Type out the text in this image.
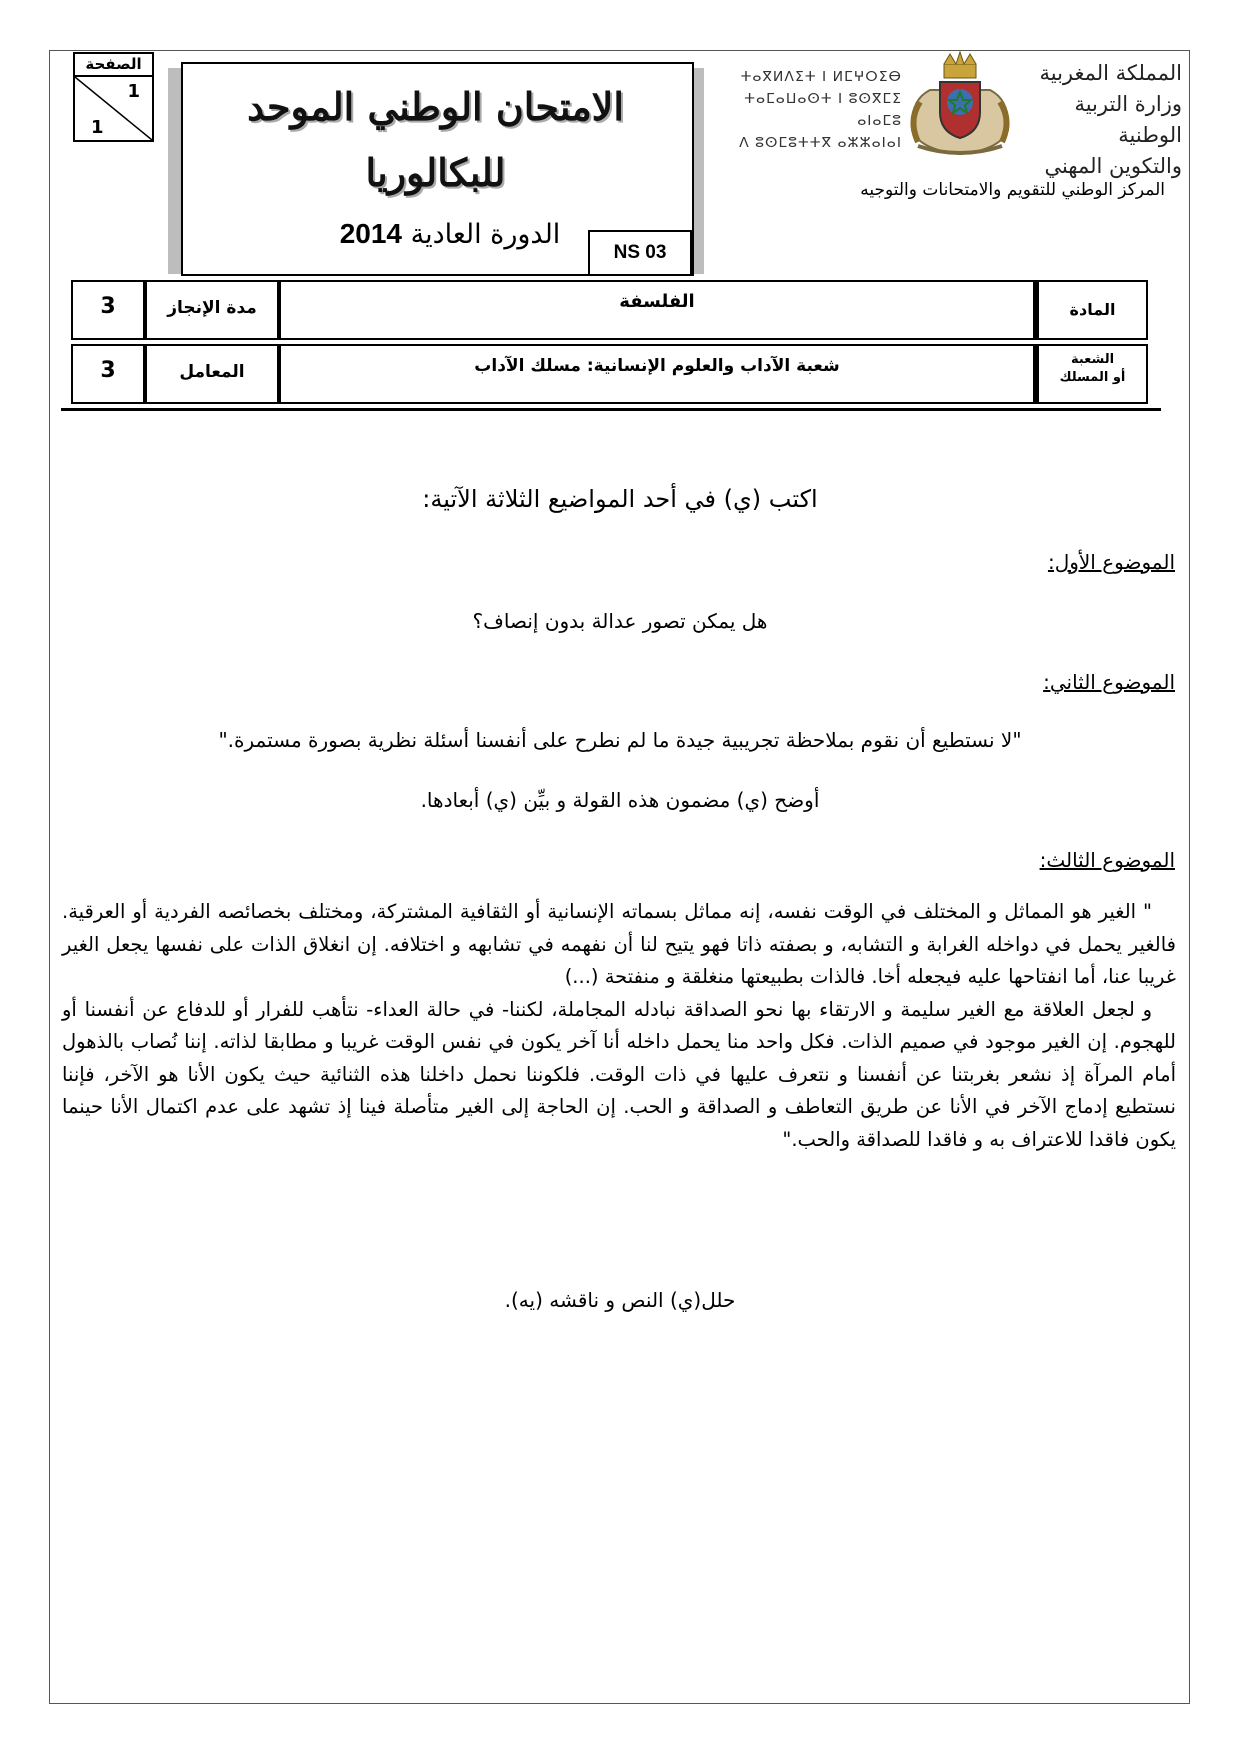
الصفحة
1
1	الامتحان الوطني الموحد
للبكالوريا
الدورة العادية 2014
NS 03
ⵜⴰⴳⵍⴷⵉⵜ ⵏ ⵍⵎⵖⵔⵉⴱ
ⵜⴰⵎⴰⵡⴰⵙⵜ ⵏ ⵓⵙⴳⵎⵉ ⴰⵏⴰⵎⵓ
ⴷ ⵓⵙⵎⵓⵜⵜⴳ ⴰⵣⵣⴰⵏⴰⵏ
المملكة المغربية
وزارة التربية الوطنية
والتكوين المهني
المركز الوطني للتقويم والامتحانات والتوجيه
3	مدة الإنجاز	الفلسفة	المادة
3	المعامل	شعبة الآداب والعلوم الإنسانية: مسلك الآداب	الشعبة
أو المسلك
اكتب (ي) في أحد المواضيع الثلاثة الآتية:
الموضوع الأول:
هل يمكن تصور عدالة بدون إنصاف؟
الموضوع الثاني:
"لا نستطيع أن نقوم بملاحظة تجريبية جيدة ما لم نطرح على أنفسنا أسئلة نظرية بصورة مستمرة."
أوضح (ي) مضمون هذه القولة و بيِّن (ي) أبعادها.
الموضوع الثالث:

" الغير هو المماثل و المختلف في الوقت نفسه، إنه مماثل بسماته الإنسانية أو الثقافية المشتركة، ومختلف بخصائصه الفردية أو العرقية. فالغير يحمل في دواخله الغرابة و التشابه، و بصفته ذاتا فهو يتيح لنا أن نفهمه في تشابهه و اختلافه. إن انغلاق الذات على نفسها يجعل الغير غريبا عنا، أما انفتاحها عليه فيجعله أخا. فالذات بطبيعتها منغلقة و منفتحة (...)

و لجعل العلاقة مع الغير سليمة و الارتقاء بها نحو الصداقة نبادله المجاملة، لكننا- في حالة العداء- نتأهب للفرار أو للدفاع عن أنفسنا أو للهجوم. إن الغير موجود في صميم الذات. فكل واحد منا يحمل داخله أنا آخر يكون في نفس الوقت غريبا و مطابقا لذاته. إننا نُصاب بالذهول أمام المرآة إذ نشعر بغربتنا عن أنفسنا و نتعرف عليها في ذات الوقت. فلكوننا نحمل داخلنا هذه الثنائية حيث يكون الأنا هو الآخر، فإننا نستطيع إدماج الآخر في الأنا عن طريق التعاطف و الصداقة و الحب. إن الحاجة إلى الغير متأصلة فينا إذ تشهد على عدم اكتمال الأنا حينما يكون فاقدا للاعتراف به و فاقدا للصداقة والحب."

حلل(ي) النص و ناقشه (يه).
